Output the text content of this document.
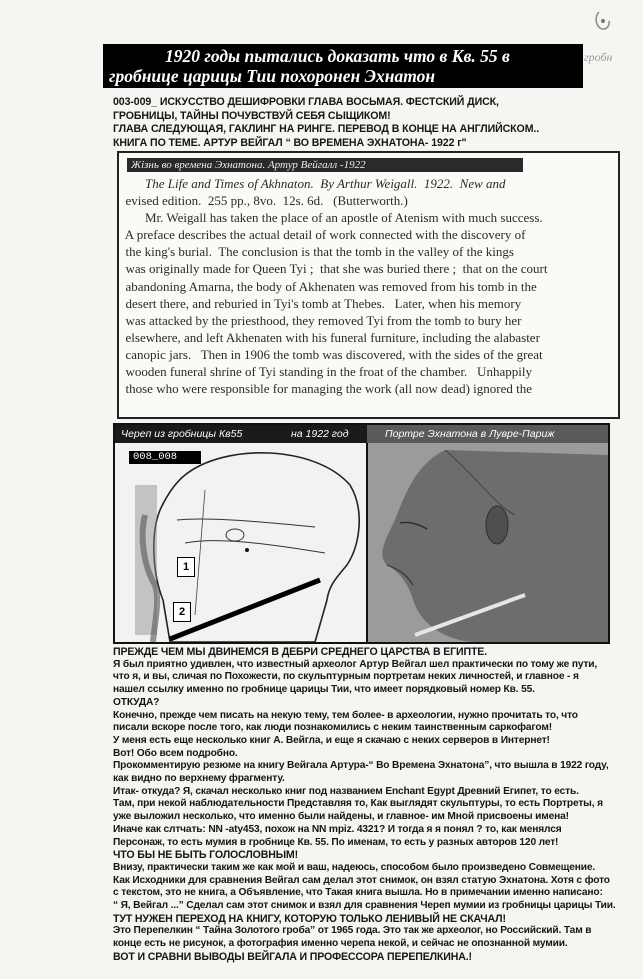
1920 годы пытались доказать что в Кв. 55 в
гробнице царицы Тии похоронен Эхнатон
гробн
003-009_ ИСКУССТВО ДЕШИФРОВКИ ГЛАВА ВОСЬМАЯ. ФЕСТСКИЙ ДИСК,
ГРОБНИЦЫ, ТАЙНЫ ПОЧУВСТВУЙ СЕБЯ СЫЩИКОМ!
ГЛАВА СЛЕДУЮЩАЯ, ГАКЛИНГ НА РИНГЕ. ПЕРЕВОД В КОНЦЕ НА АНГЛИЙСКОМ..
КНИГА ПО ТЕМЕ. АРТУР ВЕЙГАЛ “ ВО ВРЕМЕНА ЭХНАТОНА- 1922 г"
Жізнь во времена Эхнатона. Артур Вейгалл -1922
The Life and Times of Akhnaton.  By Arthur Weigall.  1922.  New and
evised edition.  255 pp., 8vo.  12s. 6d.   (Butterworth.)
Mr. Weigall has taken the place of an apostle of Atenism with much success.
A preface describes the actual detail of work connected with the discovery of
the king's burial.  The conclusion is that the tomb in the valley of the kings
was originally made for Queen Tyi ;  that she was buried there ;  that on the court
abandoning Amarna, the body of Akhenaten was removed from his tomb in the
desert there, and reburied in Tyi's tomb at Thebes.   Later, when his memory
was attacked by the priesthood, they removed Tyi from the tomb to bury her
elsewhere, and left Akhenaten with his funeral furniture, including the alabaster
canopic jars.   Then in 1906 the tomb was discovered, with the sides of the great
wooden funeral shrine of Tyi standing in the froat of the chamber.   Unhappily
those who were responsible for managing the work (all now dead) ignored the
Череп из гробницы Кв55	на 1922 год	Портре Эхнатона в Лувре-Париж
008_008
1
2
ПРЕЖДЕ ЧЕМ МЫ ДВИНЕМСЯ В ДЕБРИ СРЕДНЕГО ЦАРСТВА В ЕГИПТЕ.
Я был приятно удивлен, что известный археолог Артур Вейгал шел практически по тому же пути,
что я, и вы, сличая по Похожести, по скульптурным портретам неких личностей, и главное - я
нашел ссылку именно по гробнице царицы Тии, что имеет порядковый номер Кв. 55.
ОТКУДА?
Конечно, прежде чем писать на некую тему, тем более- в археологии, нужно прочитать то, что
писали вскоре после того, как люди познакомились с неким таинственным саркофагом!
У меня есть еще несколько книг А. Вейгла, и еще я скачаю с неких серверов в Интернет!
Вот! Обо всем подробно.
Прокомментирую резюме на книгу Вейгала Артура-“ Во Времена Эхнатона”, что вышла в 1922 году,
как видно по верхнему фрагменту.
Итак- откуда? Я, скачал несколько книг под названием Enchant Egypt Древний Египет, то есть.
Там, при некой наблюдательности Представляя то, Как выглядят скульптуры, то есть Портреты, я
уже выложил несколько, что именно были найдены, и главное- им Мной присвоены имена!
Иначе как слтчать: NN -aty453, похож на NN mpiz. 4321? И тогда я я понял ? то, как менялся
Персонаж, то есть мумия в гробнице Кв. 55. По именам, то есть у разных авторов 120 лет!
ЧТО БЫ НЕ БЫТЬ ГОЛОСЛОВНЫМ!
Внизу, практически таким же как мой и ваш, надеюсь, способом было произведено Совмещение.
Как Исходники для сравнения Вейгал сам делал этот снимок, он взял статую Эхнатона. Хотя с фото
с текстом, это не книга, а Объявление, что Такая книга вышла. Но в примечании именно написано:
“ Я, Вейгал ...” Сделал сам этот снимок и взял для сравнения Череп мумии из гробницы царицы Тии.
ТУТ НУЖЕН ПЕРЕХОД НА КНИГУ, КОТОРУЮ ТОЛЬКО ЛЕНИВЫЙ НЕ СКАЧАЛ!
Это Перепелкин “ Тайна Золотого гроба” от 1965 года. Это так же археолог, но Российский. Там в
конце есть не рисунок, а фотография именно черепа некой, и сейчас не опознанной мумии.
ВОТ И СРАВНИ ВЫВОДЫ ВЕЙГАЛА И ПРОФЕССОРА ПЕРЕПЕЛКИНА.!
